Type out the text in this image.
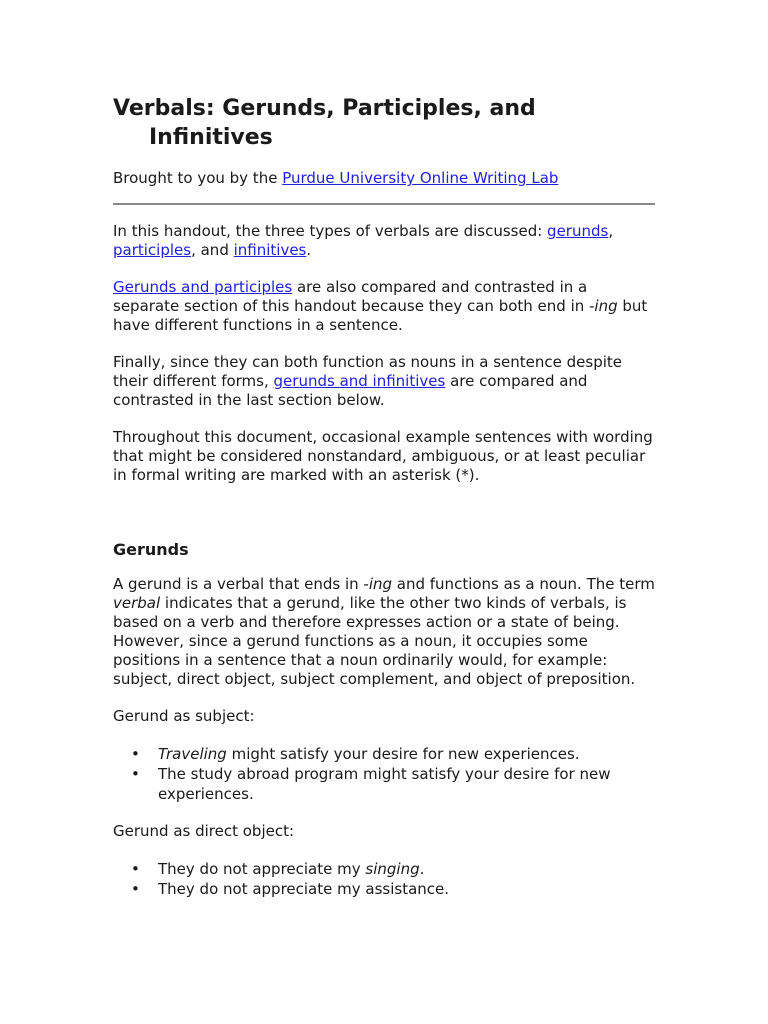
Verbals: Gerunds, Participles, and
Infinitives

Brought to you by the Purdue University Online Writing Lab

In this handout, the three types of verbals are discussed: gerunds, participles, and infinitives.

Gerunds and participles are also compared and contrasted in a separate section of this handout because they can both end in -ing but have different functions in a sentence.

Finally, since they can both function as nouns in a sentence despite their different forms, gerunds and infinitives are compared and contrasted in the last section below.

Throughout this document, occasional example sentences with wording that might be considered nonstandard, ambiguous, or at least peculiar in formal writing are marked with an asterisk (*).

Gerunds

A gerund is a verbal that ends in -ing and functions as a noun. The term verbal indicates that a gerund, like the other two kinds of verbals, is based on a verb and therefore expresses action or a state of being. However, since a gerund functions as a noun, it occupies some positions in a sentence that a noun ordinarily would, for example: subject, direct object, subject complement, and object of preposition.

Gerund as subject:

• Traveling might satisfy your desire for new experiences.
• The study abroad program might satisfy your desire for new experiences.

Gerund as direct object:

• They do not appreciate my singing.
• They do not appreciate my assistance.
